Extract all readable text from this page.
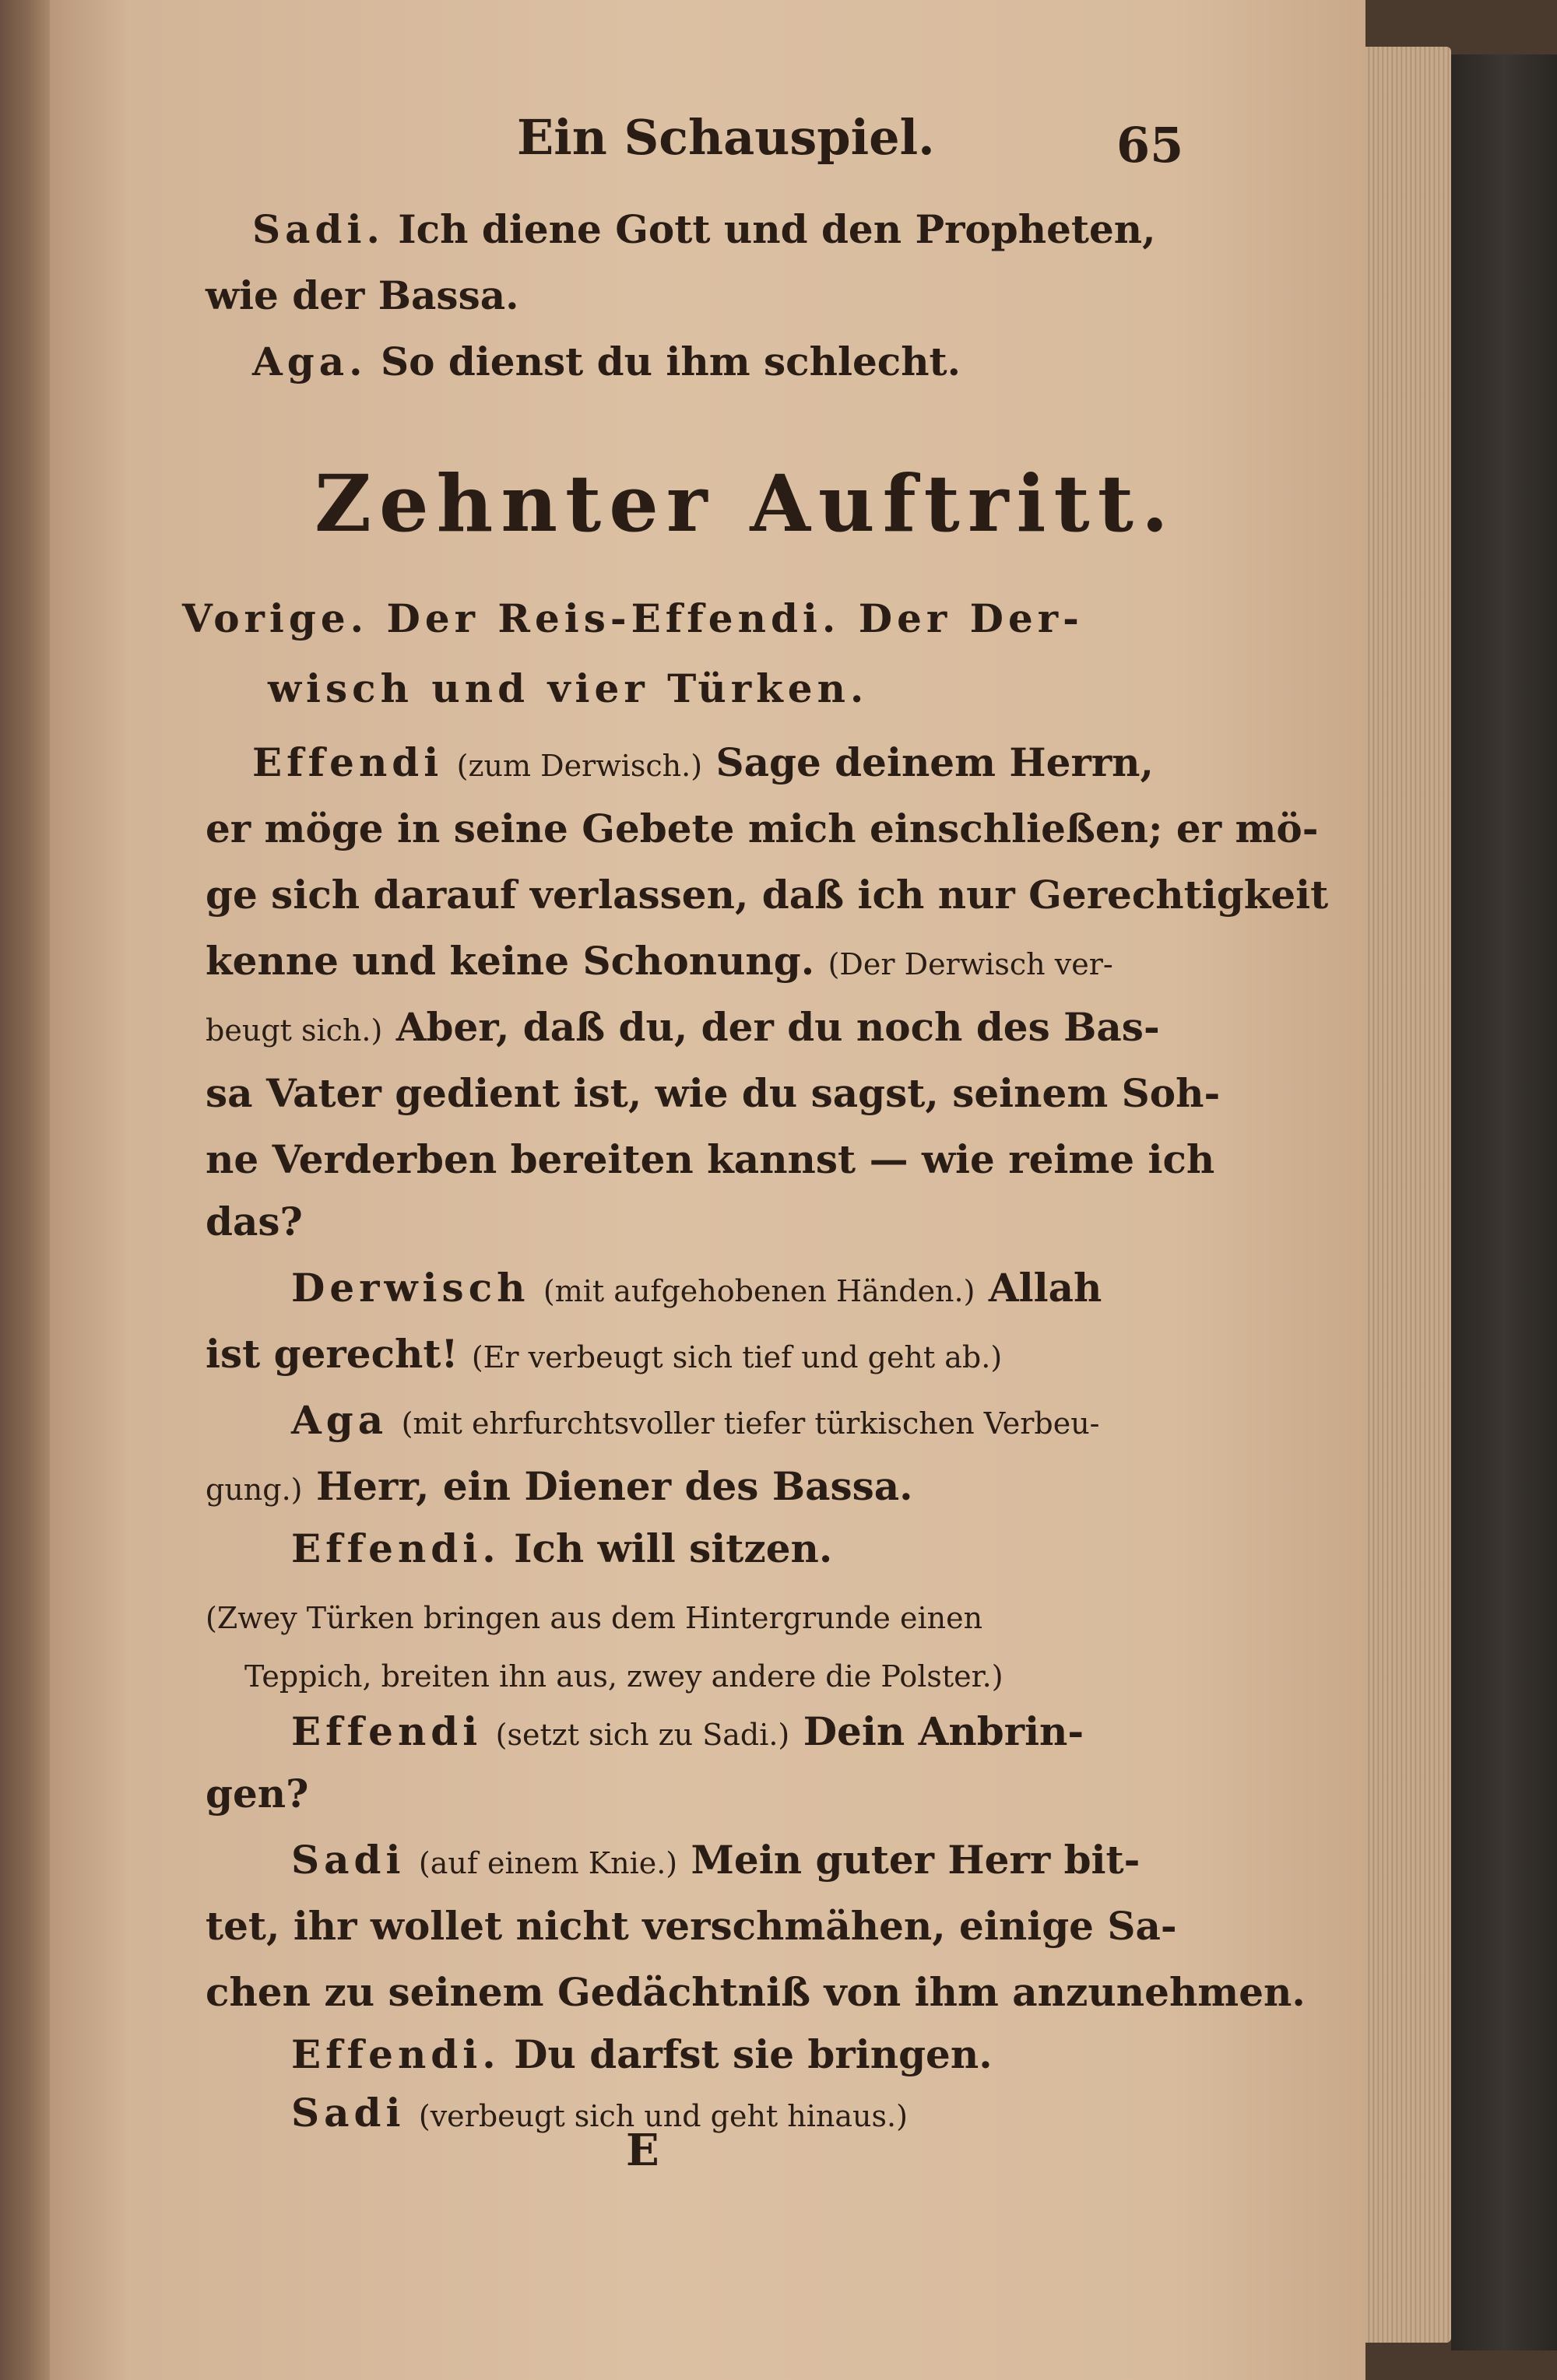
Ein Schauspiel.	65
Sadi. Ich diene Gott und den Propheten,
wie der Bassa.
Aga. So dienst du ihm schlecht.
Zehnter Auftritt.
Vorige. Der Reis-Effendi. Der Der-
wisch und vier Türken.
Effendi (zum Derwisch.) Sage deinem Herrn,
er möge in seine Gebete mich einschließen; er mö-
ge sich darauf verlassen, daß ich nur Gerechtigkeit
kenne und keine Schonung. (Der Derwisch ver-
beugt sich.) Aber, daß du, der du noch des Bas-
sa Vater gedient ist, wie du sagst, seinem Soh-
ne Verderben bereiten kannst — wie reime ich
das?
Derwisch (mit aufgehobenen Händen.) Allah
ist gerecht! (Er verbeugt sich tief und geht ab.)
Aga (mit ehrfurchtsvoller tiefer türkischen Verbeu-
gung.) Herr, ein Diener des Bassa.
Effendi. Ich will sitzen.
(Zwey Türken bringen aus dem Hintergrunde einen
Teppich, breiten ihn aus, zwey andere die Polster.)
Effendi (setzt sich zu Sadi.) Dein Anbrin-
gen?
Sadi (auf einem Knie.) Mein guter Herr bit-
tet, ihr wollet nicht verschmähen, einige Sa-
chen zu seinem Gedächtniß von ihm anzunehmen.
Effendi. Du darfst sie bringen.
Sadi (verbeugt sich und geht hinaus.)
E
